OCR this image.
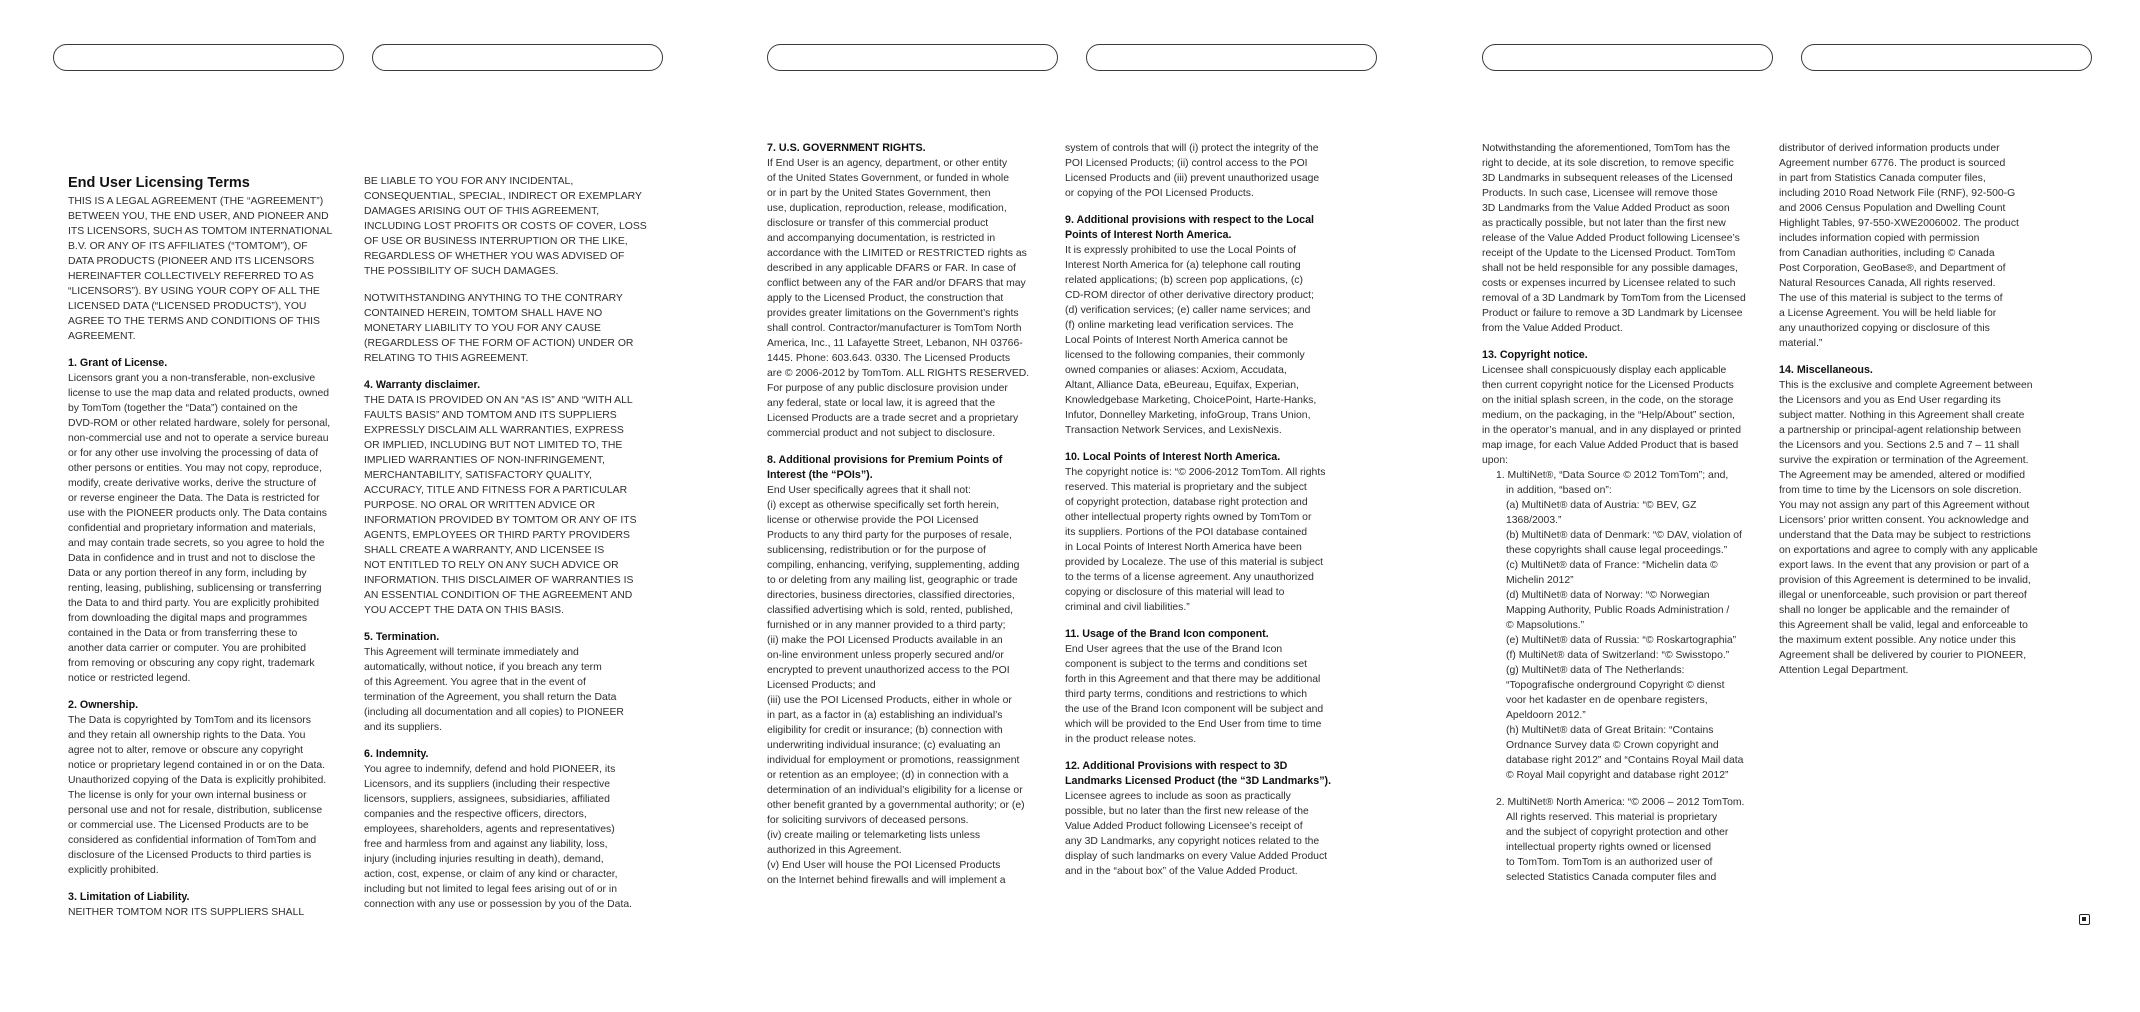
End User Licensing Terms

THIS IS A LEGAL AGREEMENT (THE “AGREEMENT”)

BETWEEN YOU, THE END USER, AND PIONEER AND

ITS LICENSORS, SUCH AS TOMTOM INTERNATIONAL

B.V. OR ANY OF ITS AFFILIATES (“TOMTOM”), OF

DATA PRODUCTS (PIONEER AND ITS LICENSORS

HEREINAFTER COLLECTIVELY REFERRED TO AS

“LICENSORS”). BY USING YOUR COPY OF ALL THE

LICENSED DATA (“LICENSED PRODUCTS”), YOU

AGREE TO THE TERMS AND CONDITIONS OF THIS

AGREEMENT.

1. Grant of License.

Licensors grant you a non-transferable, non-exclusive

license to use the map data and related products, owned

by TomTom (together the “Data”) contained on the

DVD-ROM or other related hardware, solely for personal,

non-commercial use and not to operate a service bureau

or for any other use involving the processing of data of

other persons or entities. You may not copy, reproduce,

modify, create derivative works, derive the structure of

or reverse engineer the Data. The Data is restricted for

use with the PIONEER products only. The Data contains

confidential and proprietary information and materials,

and may contain trade secrets, so you agree to hold the

Data in confidence and in trust and not to disclose the

Data or any portion thereof in any form, including by

renting, leasing, publishing, sublicensing or transferring

the Data to and third party. You are explicitly prohibited

from downloading the digital maps and programmes

contained in the Data or from transferring these to

another data carrier or computer. You are prohibited

from removing or obscuring any copy right, trademark

notice or restricted legend.

2. Ownership.

The Data is copyrighted by TomTom and its licensors

and they retain all ownership rights to the Data. You

agree not to alter, remove or obscure any copyright

notice or proprietary legend contained in or on the Data.

Unauthorized copying of the Data is explicitly prohibited.

The license is only for your own internal business or

personal use and not for resale, distribution, sublicense

or commercial use. The Licensed Products are to be

considered as confidential information of TomTom and

disclosure of the Licensed Products to third parties is

explicitly prohibited.

3. Limitation of Liability.

NEITHER TOMTOM NOR ITS SUPPLIERS SHALL

BE LIABLE TO YOU FOR ANY INCIDENTAL,

CONSEQUENTIAL, SPECIAL, INDIRECT OR EXEMPLARY

DAMAGES ARISING OUT OF THIS AGREEMENT,

INCLUDING LOST PROFITS OR COSTS OF COVER, LOSS

OF USE OR BUSINESS INTERRUPTION OR THE LIKE,

REGARDLESS OF WHETHER YOU WAS ADVISED OF

THE POSSIBILITY OF SUCH DAMAGES.

NOTWITHSTANDING ANYTHING TO THE CONTRARY

CONTAINED HEREIN, TOMTOM SHALL HAVE NO

MONETARY LIABILITY TO YOU FOR ANY CAUSE

(REGARDLESS OF THE FORM OF ACTION) UNDER OR

RELATING TO THIS AGREEMENT.

4. Warranty disclaimer.

THE DATA IS PROVIDED ON AN “AS IS” AND “WITH ALL

FAULTS BASIS” AND TOMTOM AND ITS SUPPLIERS

EXPRESSLY DISCLAIM ALL WARRANTIES, EXPRESS

OR IMPLIED, INCLUDING BUT NOT LIMITED TO, THE

IMPLIED WARRANTIES OF NON-INFRINGEMENT,

MERCHANTABILITY, SATISFACTORY QUALITY,

ACCURACY, TITLE AND FITNESS FOR A PARTICULAR

PURPOSE. NO ORAL OR WRITTEN ADVICE OR

INFORMATION PROVIDED BY TOMTOM OR ANY OF ITS

AGENTS, EMPLOYEES OR THIRD PARTY PROVIDERS

SHALL CREATE A WARRANTY, AND LICENSEE IS

NOT ENTITLED TO RELY ON ANY SUCH ADVICE OR

INFORMATION. THIS DISCLAIMER OF WARRANTIES IS

AN ESSENTIAL CONDITION OF THE AGREEMENT AND

YOU ACCEPT THE DATA ON THIS BASIS.

5. Termination.

This Agreement will terminate immediately and

automatically, without notice, if you breach any term

of this Agreement. You agree that in the event of

termination of the Agreement, you shall return the Data

(including all documentation and all copies) to PIONEER

and its suppliers.

6. Indemnity.

You agree to indemnify, defend and hold PIONEER, its

Licensors, and its suppliers (including their respective

licensors, suppliers, assignees, subsidiaries, affiliated

companies and the respective officers, directors,

employees, shareholders, agents and representatives)

free and harmless from and against any liability, loss,

injury (including injuries resulting in death), demand,

action, cost, expense, or claim of any kind or character,

including but not limited to legal fees arising out of or in

connection with any use or possession by you of the Data.

7. U.S. GOVERNMENT RIGHTS.

If End User is an agency, department, or other entity

of the United States Government, or funded in whole

or in part by the United States Government, then

use, duplication, reproduction, release, modification,

disclosure or transfer of this commercial product

and accompanying documentation, is restricted in

accordance with the LIMITED or RESTRICTED rights as

described in any applicable DFARS or FAR. In case of

conflict between any of the FAR and/or DFARS that may

apply to the Licensed Product, the construction that

provides greater limitations on the Government’s rights

shall control. Contractor/manufacturer is TomTom North

America, Inc., 11 Lafayette Street, Lebanon, NH 03766-

1445. Phone: 603.643. 0330. The Licensed Products

are © 2006-2012 by TomTom. ALL RIGHTS RESERVED.

For purpose of any public disclosure provision under

any federal, state or local law, it is agreed that the

Licensed Products are a trade secret and a proprietary

commercial product and not subject to disclosure.

8. Additional provisions for Premium Points of
Interest (the “POIs”).

End User specifically agrees that it shall not:

(i) except as otherwise specifically set forth herein,

license or otherwise provide the POI Licensed

Products to any third party for the purposes of resale,

sublicensing, redistribution or for the purpose of

compiling, enhancing, verifying, supplementing, adding

to or deleting from any mailing list, geographic or trade

directories, business directories, classified directories,

classified advertising which is sold, rented, published,

furnished or in any manner provided to a third party;

(ii) make the POI Licensed Products available in an

on-line environment unless properly secured and/or

encrypted to prevent unauthorized access to the POI

Licensed Products; and

(iii) use the POI Licensed Products, either in whole or

in part, as a factor in (a) establishing an individual’s

eligibility for credit or insurance; (b) connection with

underwriting individual insurance; (c) evaluating an

individual for employment or promotions, reassignment

or retention as an employee; (d) in connection with a

determination of an individual’s eligibility for a license or

other benefit granted by a governmental authority; or (e)

for soliciting survivors of deceased persons.

(iv) create mailing or telemarketing lists unless

authorized in this Agreement.

(v) End User will house the POI Licensed Products

on the Internet behind firewalls and will implement a

system of controls that will (i) protect the integrity of the

POI Licensed Products; (ii) control access to the POI

Licensed Products and (iii) prevent unauthorized usage

or copying of the POI Licensed Products.

9. Additional provisions with respect to the Local
Points of Interest North America.

It is expressly prohibited to use the Local Points of

Interest North America for (a) telephone call routing

related applications; (b) screen pop applications, (c)

CD-ROM director of other derivative directory product;

(d) verification services; (e) caller name services; and

(f) online marketing lead verification services. The

Local Points of Interest North America cannot be

licensed to the following companies, their commonly

owned companies or aliases: Acxiom, Accudata,

Altant, Alliance Data, eBeureau, Equifax, Experian,

Knowledgebase Marketing, ChoicePoint, Harte-Hanks,

Infutor, Donnelley Marketing, infoGroup, Trans Union,

Transaction Network Services, and LexisNexis.

10. Local Points of Interest North America.

The copyright notice is: “© 2006-2012 TomTom. All rights

reserved. This material is proprietary and the subject

of copyright protection, database right protection and

other intellectual property rights owned by TomTom or

its suppliers. Portions of the POI database contained

in Local Points of Interest North America have been

provided by Localeze. The use of this material is subject

to the terms of a license agreement. Any unauthorized

copying or disclosure of this material will lead to

criminal and civil liabilities.”

11. Usage of the Brand Icon component.

End User agrees that the use of the Brand Icon

component is subject to the terms and conditions set

forth in this Agreement and that there may be additional

third party terms, conditions and restrictions to which

the use of the Brand Icon component will be subject and

which will be provided to the End User from time to time

in the product release notes.

12. Additional Provisions with respect to 3D
Landmarks Licensed Product (the “3D Landmarks”).

Licensee agrees to include as soon as practically

possible, but no later than the first new release of the

Value Added Product following Licensee’s receipt of

any 3D Landmarks, any copyright notices related to the

display of such landmarks on every Value Added Product

and in the “about box” of the Value Added Product.

Notwithstanding the aforementioned, TomTom has the

right to decide, at its sole discretion, to remove specific

3D Landmarks in subsequent releases of the Licensed

Products. In such case, Licensee will remove those

3D Landmarks from the Value Added Product as soon

as practically possible, but not later than the first new

release of the Value Added Product following Licensee’s

receipt of the Update to the Licensed Product. TomTom

shall not be held responsible for any possible damages,

costs or expenses incurred by Licensee related to such

removal of a 3D Landmark by TomTom from the Licensed

Product or failure to remove a 3D Landmark by Licensee

from the Value Added Product.

13. Copyright notice.

Licensee shall conspicuously display each applicable

then current copyright notice for the Licensed Products

on the initial splash screen, in the code, on the storage

medium, on the packaging, in the “Help/About” section,

in the operator’s manual, and in any displayed or printed

map image, for each Value Added Product that is based

upon:

1. MultiNet®, “Data Source © 2012 TomTom”; and,

in addition, “based on”:

(a) MultiNet® data of Austria: “© BEV, GZ

1368/2003.”

(b) MultiNet® data of Denmark: “© DAV, violation of

these copyrights shall cause legal proceedings.”

(c) MultiNet® data of France: “Michelin data ©

Michelin 2012”

(d) MultiNet® data of Norway: “© Norwegian

Mapping Authority, Public Roads Administration /

© Mapsolutions.”

(e) MultiNet® data of Russia: “© Roskartographia”

(f) MultiNet® data of Switzerland: “© Swisstopo.”

(g) MultiNet® data of The Netherlands:

“Topografische onderground Copyright © dienst

voor het kadaster en de openbare registers,

Apeldoorn 2012.”

(h) MultiNet® data of Great Britain: “Contains

Ordnance Survey data © Crown copyright and

database right 2012” and “Contains Royal Mail data

© Royal Mail copyright and database right 2012”

2. MultiNet® North America: “© 2006 – 2012 TomTom.

All rights reserved. This material is proprietary

and the subject of copyright protection and other

intellectual property rights owned or licensed

to TomTom. TomTom is an authorized user of

selected Statistics Canada computer files and

distributor of derived information products under

Agreement number 6776. The product is sourced

in part from Statistics Canada computer files,

including 2010 Road Network File (RNF), 92-500-G

and 2006 Census Population and Dwelling Count

Highlight Tables, 97-550-XWE2006002. The product

includes information copied with permission

from Canadian authorities, including © Canada

Post Corporation, GeoBase®, and Department of

Natural Resources Canada, All rights reserved.

The use of this material is subject to the terms of

a License Agreement. You will be held liable for

any unauthorized copying or disclosure of this

material.”

14. Miscellaneous.

This is the exclusive and complete Agreement between

the Licensors and you as End User regarding its

subject matter. Nothing in this Agreement shall create

a partnership or principal-agent relationship between

the Licensors and you. Sections 2.5 and 7 – 11 shall

survive the expiration or termination of the Agreement.

The Agreement may be amended, altered or modified

from time to time by the Licensors on sole discretion.

You may not assign any part of this Agreement without

Licensors’ prior written consent. You acknowledge and

understand that the Data may be subject to restrictions

on exportations and agree to comply with any applicable

export laws. In the event that any provision or part of a

provision of this Agreement is determined to be invalid,

illegal or unenforceable, such provision or part thereof

shall no longer be applicable and the remainder of

this Agreement shall be valid, legal and enforceable to

the maximum extent possible. Any notice under this

Agreement shall be delivered by courier to PIONEER,

Attention Legal Department.
